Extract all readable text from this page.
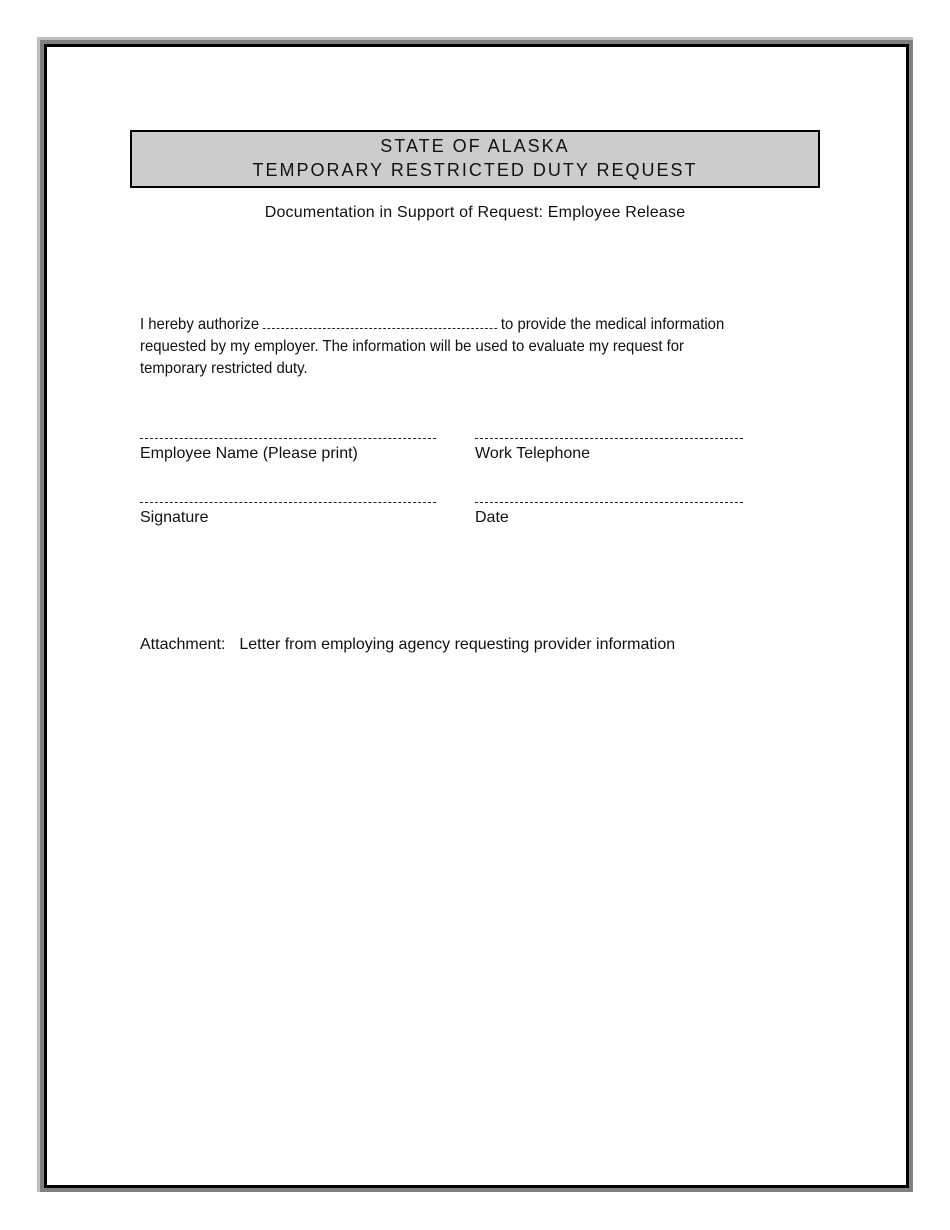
STATE OF ALASKA
TEMPORARY RESTRICTED DUTY REQUEST
Documentation in Support of Request: Employee Release
I hereby authorize	to provide the medical information requested by my employer. The information will be used to evaluate my request for temporary restricted duty.
Employee Name (Please print)	Work Telephone
Signature	Date
Attachment: Letter from employing agency requesting provider information
